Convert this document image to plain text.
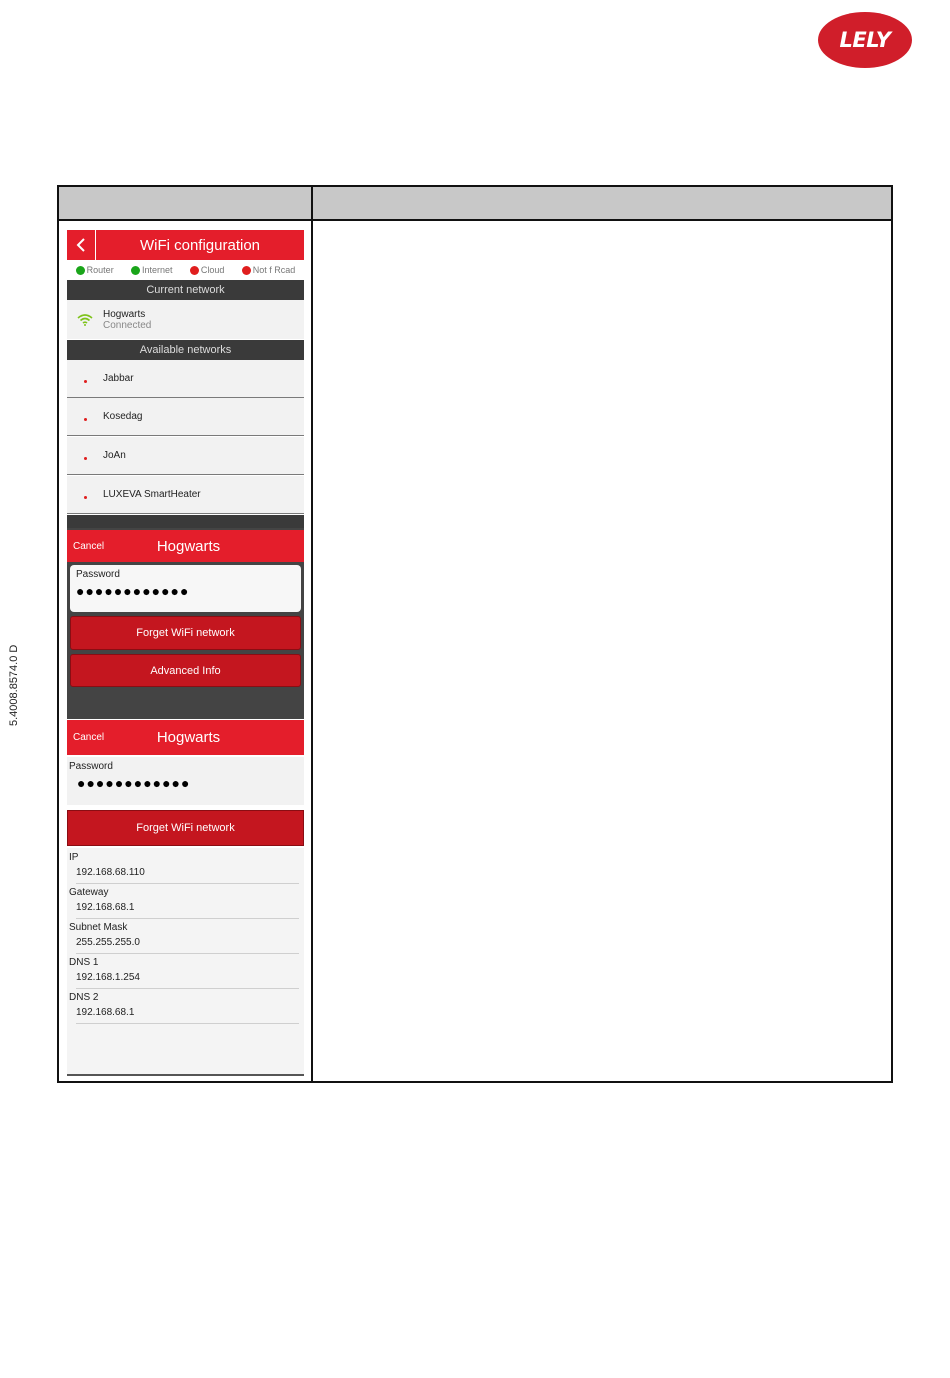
LELY
5.4008.8574.0 D
WiFi configuration
Router	Internet	Cloud	Not f Rcad
Current network
Hogwarts
Connected
Available networks
Jabbar
Kosedag
JoAn
LUXEVA SmartHeater
Cancel	Hogwarts
Password
●●●●●●●●●●●●
Forget WiFi network
Advanced Info
Cancel	Hogwarts
Password
●●●●●●●●●●●●
Forget WiFi network
IP
192.168.68.110
Gateway
192.168.68.1
Subnet Mask
255.255.255.0
DNS 1
192.168.1.254
DNS 2
192.168.68.1
